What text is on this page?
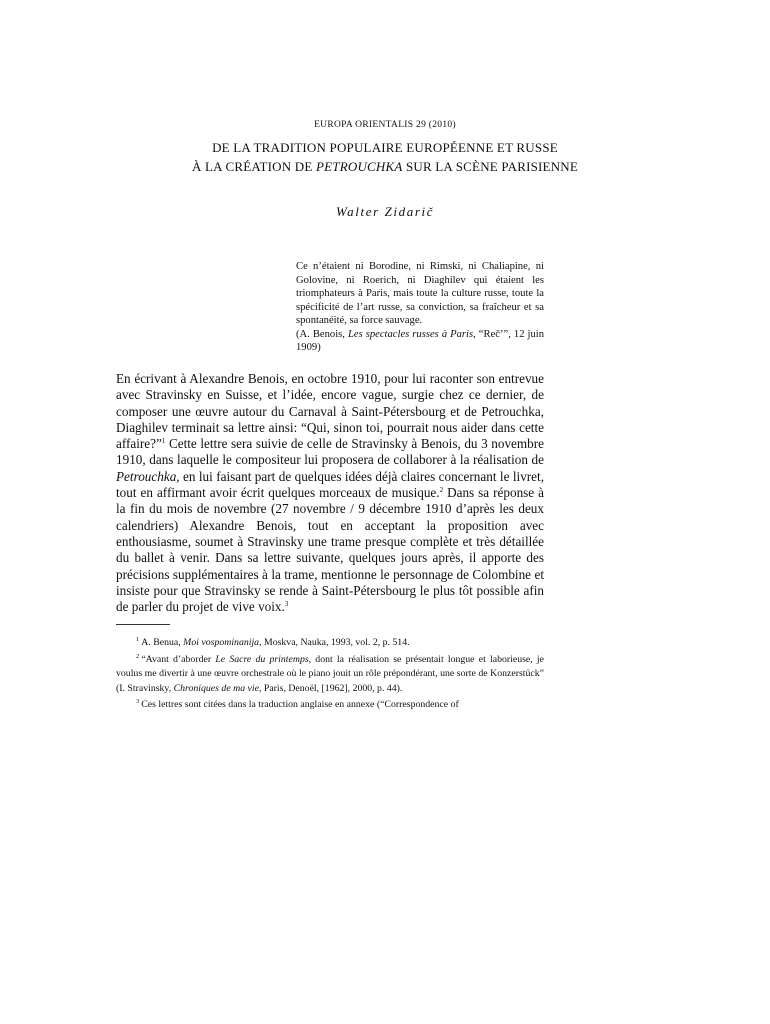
EUROPA ORIENTALIS 29 (2010)
DE LA TRADITION POPULAIRE EUROPÉENNE ET RUSSE
À LA CRÉATION DE PETROUCHKA SUR LA SCÈNE PARISIENNE
Walter Zidarič

Ce n’étaient ni Borodine, ni Rimski, ni Chaliapine, ni Golovine, ni Roerich, ni Diaghilev qui étaient les triomphateurs à Paris, mais toute la culture russe, toute la spécificité de l’art russe, sa conviction, sa fraîcheur et sa spontanéité, sa force sauvage.

(A. Benois, Les spectacles russes à Paris, “Reč’”, 12 juin 1909)

En écrivant à Alexandre Benois, en octobre 1910, pour lui raconter son entrevue avec Stravinsky en Suisse, et l’idée, encore vague, surgie chez ce dernier, de composer une œuvre autour du Carnaval à Saint-Pétersbourg et de Petrouchka, Diaghilev terminait sa lettre ainsi: “Qui, sinon toi, pourrait nous aider dans cette affaire?”$^1$ Cette lettre sera suivie de celle de Stravinsky à Benois, du 3 novembre 1910, dans laquelle le compositeur lui proposera de collaborer à la réalisation de Petrouchka, en lui faisant part de quelques idées déjà claires concernant le livret, tout en affirmant avoir écrit quelques morceaux de musique.$^2$ Dans sa réponse à la fin du mois de novembre (27 novembre / 9 décembre 1910 d’après les deux calendriers) Alexandre Benois, tout en acceptant la proposition avec enthousiasme, soumet à Stravinsky une trame presque complète et très détaillée du ballet à venir. Dans sa lettre suivante, quelques jours après, il apporte des précisions supplémentaires à la trame, mentionne le personnage de Colombine et insiste pour que Stravinsky se rende à Saint-Pétersbourg le plus tôt possible afin de parler du projet de vive voix.$^3$

$^1$ A. Benua, Moi vospominanija, Moskva, Nauka, 1993, vol. 2, p. 514.

$^2$ “Avant d’aborder Le Sacre du printemps, dont la réalisation se présentait longue et laborieuse, je voulus me divertir à une œuvre orchestrale où le piano jouit un rôle prépondérant, une sorte de Konzerstück” (I. Stravinsky, Chroniques de ma vie, Paris, Denoël, [1962], 2000, p. 44).

$^3$ Ces lettres sont citées dans la traduction anglaise en annexe (“Correspondence of
